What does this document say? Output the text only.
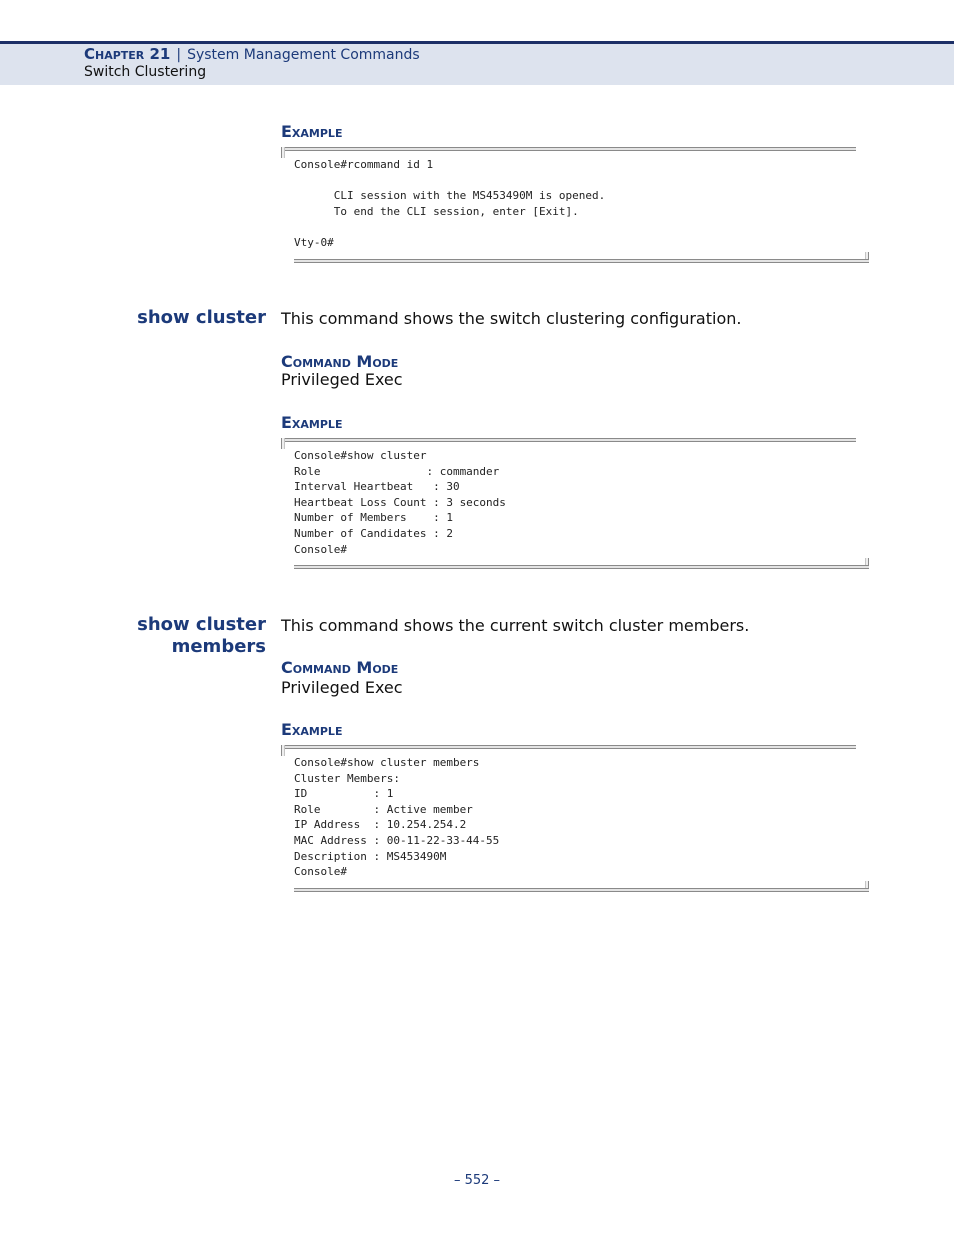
Chapter 21 | System Management Commands
Switch Clustering
Example
Console#rcommand id 1

CLI session with the MS453490M is opened.
To end the CLI session, enter [Exit].

Vty-0#
show cluster This command shows the switch clustering configuration.
Command Mode
Privileged Exec
Example
Console#show cluster
Role                : commander
Interval Heartbeat   : 30
Heartbeat Loss Count : 3 seconds
Number of Members    : 1
Number of Candidates : 2
Console#
show cluster
members
This command shows the current switch cluster members.
Command Mode
Privileged Exec
Example
Console#show cluster members
Cluster Members:
ID          : 1
Role        : Active member
IP Address  : 10.254.254.2
MAC Address : 00-11-22-33-44-55
Description : MS453490M
Console#
– 552 –
